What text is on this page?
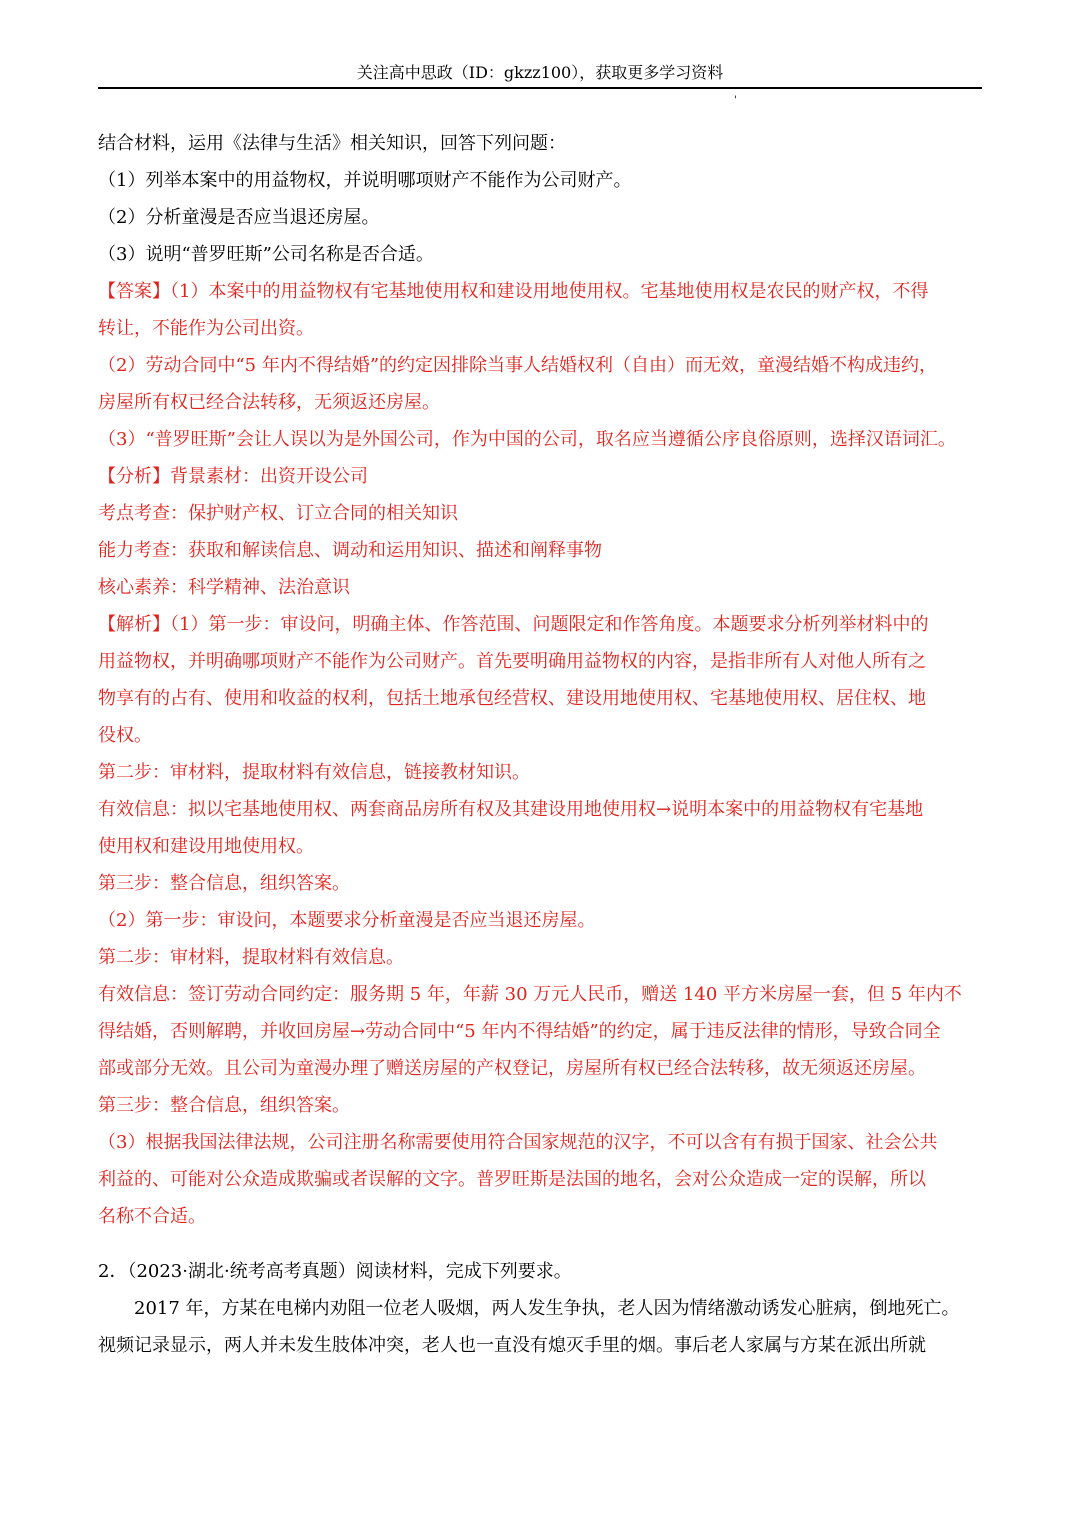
关注高中思政（ID：gkzz100），获取更多学习资料
'
结合材料，运用《法律与生活》相关知识，回答下列问题：
（1）列举本案中的用益物权，并说明哪项财产不能作为公司财产。
（2）分析童漫是否应当退还房屋。
（3）说明“普罗旺斯”公司名称是否合适。
【答案】（1）本案中的用益物权有宅基地使用权和建设用地使用权。宅基地使用权是农民的财产权，不得
转让，不能作为公司出资。
（2）劳动合同中“5 年内不得结婚”的约定因排除当事人结婚权利（自由）而无效，童漫结婚不构成违约，
房屋所有权已经合法转移，无须返还房屋。
（3）“普罗旺斯”会让人误以为是外国公司，作为中国的公司，取名应当遵循公序良俗原则，选择汉语词汇。
【分析】背景素材：出资开设公司
考点考查：保护财产权、订立合同的相关知识
能力考查：获取和解读信息、调动和运用知识、描述和阐释事物
核心素养：科学精神、法治意识
【解析】（1）第一步：审设问，明确主体、作答范围、问题限定和作答角度。本题要求分析列举材料中的
用益物权，并明确哪项财产不能作为公司财产。首先要明确用益物权的内容，是指非所有人对他人所有之
物享有的占有、使用和收益的权利，包括土地承包经营权、建设用地使用权、宅基地使用权、居住权、地
役权。
第二步：审材料，提取材料有效信息，链接教材知识。
有效信息：拟以宅基地使用权、两套商品房所有权及其建设用地使用权→说明本案中的用益物权有宅基地
使用权和建设用地使用权。
第三步：整合信息，组织答案。
（2）第一步：审设问，本题要求分析童漫是否应当退还房屋。
第二步：审材料，提取材料有效信息。
有效信息：签订劳动合同约定：服务期 5 年，年薪 30 万元人民币，赠送 140 平方米房屋一套，但 5 年内不
得结婚，否则解聘，并收回房屋→劳动合同中“5 年内不得结婚”的约定，属于违反法律的情形，导致合同全
部或部分无效。且公司为童漫办理了赠送房屋的产权登记，房屋所有权已经合法转移，故无须返还房屋。
第三步：整合信息，组织答案。
（3）根据我国法律法规，公司注册名称需要使用符合国家规范的汉字，不可以含有有损于国家、社会公共
利益的、可能对公众造成欺骗或者误解的文字。普罗旺斯是法国的地名，会对公众造成一定的误解，所以
名称不合适。
2．（2023·湖北·统考高考真题）阅读材料，完成下列要求。
2017 年，方某在电梯内劝阻一位老人吸烟，两人发生争执，老人因为情绪激动诱发心脏病，倒地死亡。
视频记录显示，两人并未发生肢体冲突，老人也一直没有熄灭手里的烟。事后老人家属与方某在派出所就
